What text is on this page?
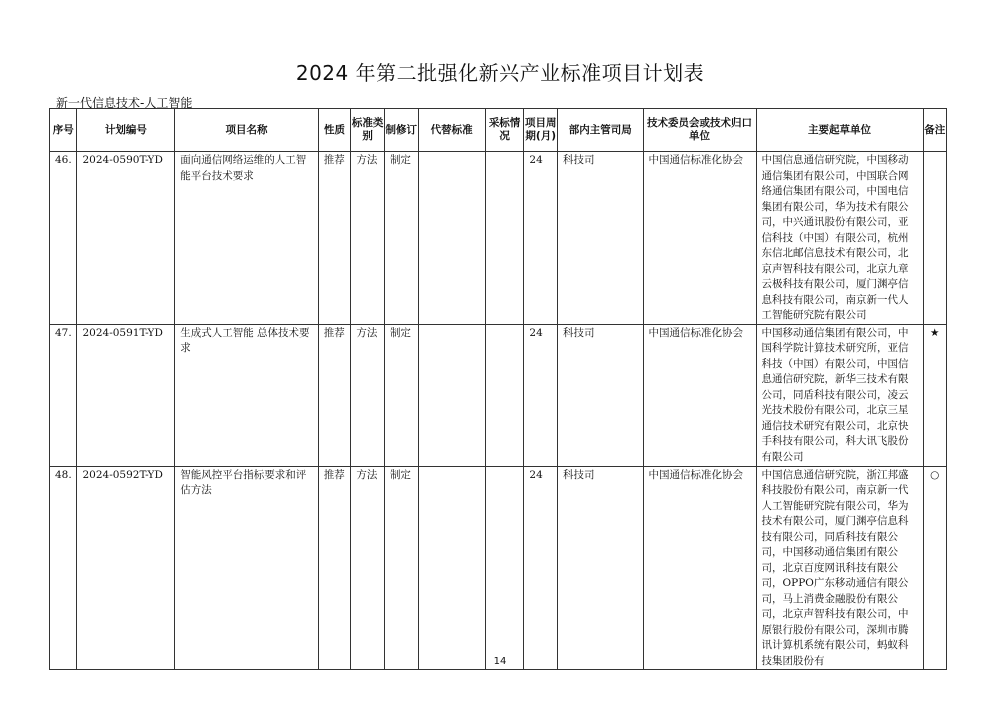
2024 年第二批强化新兴产业标准项目计划表
新一代信息技术-人工智能
序号	计划编号	项目名称	性质	标准类别	制修订	代替标准	采标情况	项目周期(月)	部内主管司局	技术委员会或技术归口单位	主要起草单位	备注
46.	2024-0590T-YD	面向通信网络运维的人工智能平台技术要求	推荐	方法	制定			24	科技司	中国通信标准化协会	中国信息通信研究院，中国移动通信集团有限公司，中国联合网络通信集团有限公司，中国电信集团有限公司，华为技术有限公司，中兴通讯股份有限公司，亚信科技（中国）有限公司，杭州东信北邮信息技术有限公司，北京声智科技有限公司，北京九章云极科技有限公司，厦门渊亭信息科技有限公司，南京新一代人工智能研究院有限公司	
47.	2024-0591T-YD	生成式人工智能 总体技术要求	推荐	方法	制定			24	科技司	中国通信标准化协会	中国移动通信集团有限公司，中国科学院计算技术研究所，亚信科技（中国）有限公司，中国信息通信研究院，新华三技术有限公司，同盾科技有限公司，凌云光技术股份有限公司，北京三星通信技术研究有限公司，北京快手科技有限公司，科大讯飞股份有限公司	★
48.	2024-0592T-YD	智能风控平台指标要求和评估方法	推荐	方法	制定			24	科技司	中国通信标准化协会	中国信息通信研究院，浙江邦盛科技股份有限公司，南京新一代人工智能研究院有限公司，华为技术有限公司，厦门渊亭信息科技有限公司，同盾科技有限公司，中国移动通信集团有限公司，北京百度网讯科技有限公司，OPPO广东移动通信有限公司，马上消费金融股份有限公司，北京声智科技有限公司，中原银行股份有限公司，深圳市腾讯计算机系统有限公司，蚂蚁科技集团股份有	○
14
